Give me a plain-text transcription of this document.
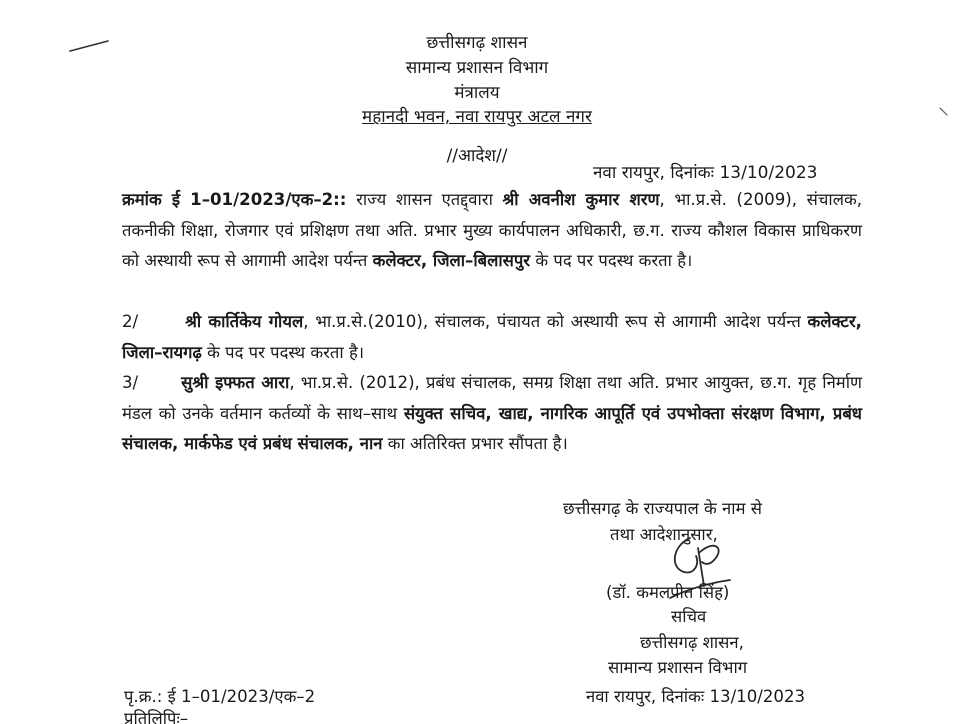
छत्तीसगढ़ शासन
सामान्य प्रशासन विभाग
मंत्रालय
महानदी भवन, नवा रायपुर अटल नगर
//आदेश//
नवा रायपुर, दिनांकः 13/10/2023
क्रमांक ई 1–01/2023/एक–2:: राज्य शासन एतद्द्वारा श्री अवनीश कुमार शरण, भा.प्र.से. (2009), संचालक, तकनीकी शिक्षा, रोजगार एवं प्रशिक्षण तथा अति. प्रभार मुख्य कार्यपालन अधिकारी, छ.ग. राज्य कौशल विकास प्राधिकरण को अस्थायी रूप से आगामी आदेश पर्यन्त कलेक्टर, जिला–बिलासपुर के पद पर पदस्थ करता है।
2/	श्री कार्तिकेय गोयल, भा.प्र.से.(2010), संचालक, पंचायत को अस्थायी रूप से आगामी आदेश पर्यन्त कलेक्टर, जिला–रायगढ़ के पद पर पदस्थ करता है।
3/	सुश्री इफ्फत आरा, भा.प्र.से. (2012), प्रबंध संचालक, समग्र शिक्षा तथा अति. प्रभार आयुक्त, छ.ग. गृह निर्माण मंडल को उनके वर्तमान कर्तव्यों के साथ–साथ संयुक्त सचिव, खाद्य, नागरिक आपूर्ति एवं उपभोक्ता संरक्षण विभाग, प्रबंध संचालक, मार्कफेड एवं प्रबंध संचालक, नान का अतिरिक्त प्रभार सौंपता है।
छत्तीसगढ़ के राज्यपाल के नाम से
तथा आदेशानुसार,
(डॉ. कमलप्रीत सिंह)
सचिव
छत्तीसगढ़ शासन,
सामान्य प्रशासन विभाग
पृ.क्र.: ई 1–01/2023/एक–2	नवा रायपुर, दिनांकः 13/10/2023
प्रतिलिपिः–
